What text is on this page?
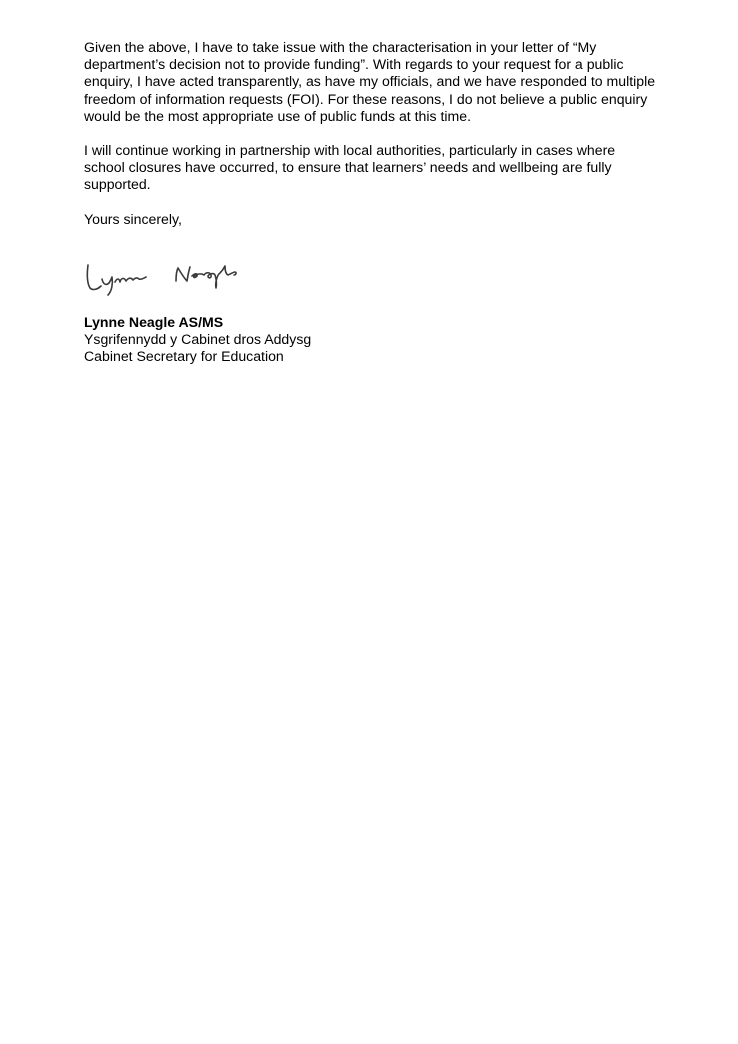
Given the above, I have to take issue with the characterisation in your letter of “My
department’s decision not to provide funding”. With regards to your request for a public
enquiry, I have acted transparently, as have my officials, and we have responded to multiple
freedom of information requests (FOI). For these reasons, I do not believe a public enquiry
would be the most appropriate use of public funds at this time.

I will continue working in partnership with local authorities, particularly in cases where
school closures have occurred, to ensure that learners’ needs and wellbeing are fully
supported.

Yours sincerely,

Lynne Neagle AS/MS
Ysgrifennydd y Cabinet dros Addysg
Cabinet Secretary for Education
